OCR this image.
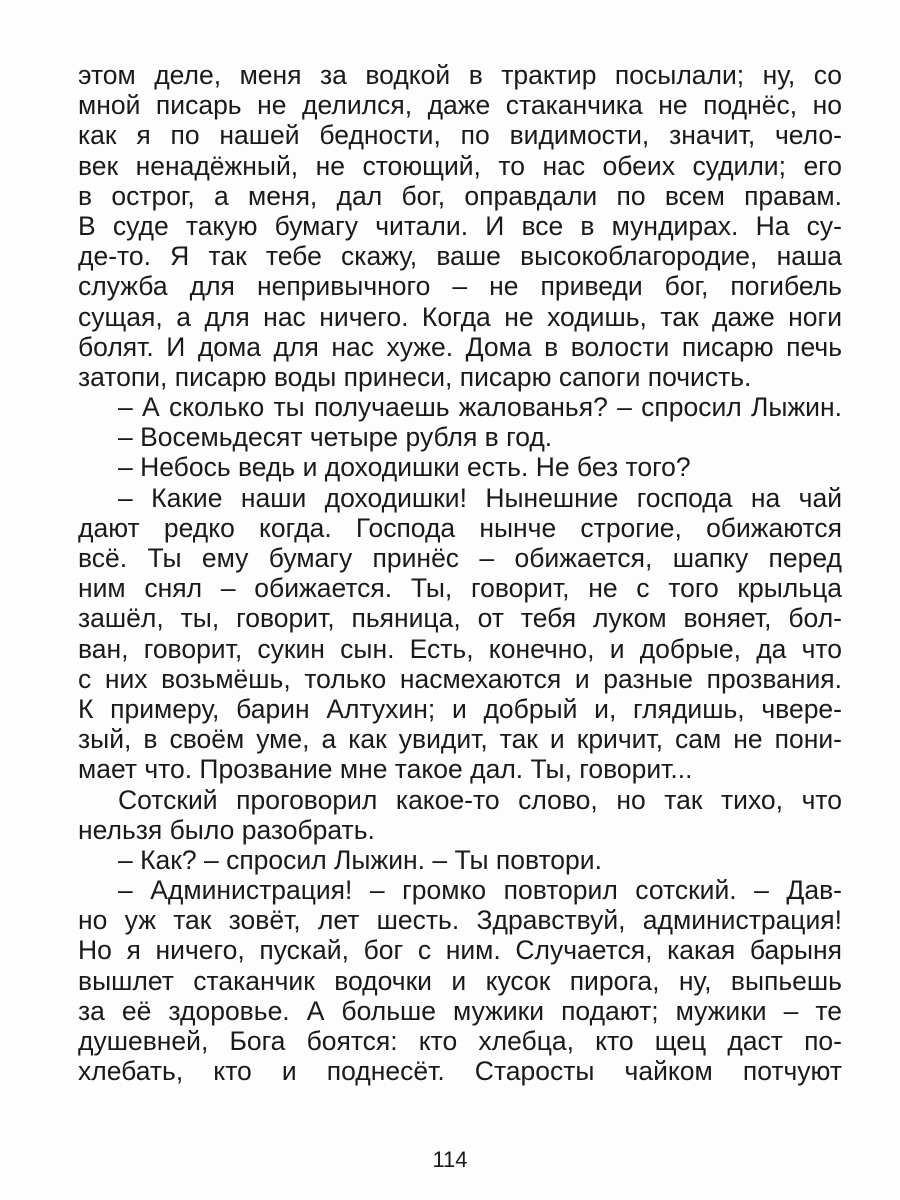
этом деле, меня за водкой в трактир посылали; ну, со
мной писарь не делился, даже стаканчика не поднёс, но
как я по нашей бедности, по видимости, значит, чело-
век ненадёжный, не стоющий, то нас обеих судили; его
в острог, а меня, дал бог, оправдали по всем правам.
В суде такую бумагу читали. И все в мундирах. На су-
де-то. Я так тебе скажу, ваше высокоблагородие, наша
служба для непривычного – не приведи бог, погибель
сущая, а для нас ничего. Когда не ходишь, так даже ноги
болят. И дома для нас хуже. Дома в волости писарю печь
затопи, писарю воды принеси, писарю сапоги почисть.
– А сколько ты получаешь жалованья? – спросил Лыжин.
– Восемьдесят четыре рубля в год.
– Небось ведь и доходишки есть. Не без того?
– Какие наши доходишки! Нынешние господа на чай
дают редко когда. Господа нынче строгие, обижаются
всё. Ты ему бумагу принёс – обижается, шапку перед
ним снял – обижается. Ты, говорит, не с того крыльца
зашёл, ты, говорит, пьяница, от тебя луком воняет, бол-
ван, говорит, сукин сын. Есть, конечно, и добрые, да что
с них возьмёшь, только насмехаются и разные прозвания.
К примеру, барин Алтухин; и добрый и, глядишь, чвере-
зый, в своём уме, а как увидит, так и кричит, сам не пони-
мает что. Прозвание мне такое дал. Ты, говорит...
Сотский проговорил какое-то слово, но так тихо, что
нельзя было разобрать.
– Как? – спросил Лыжин. – Ты повтори.
– Администрация! – громко повторил сотский. – Дав-
но уж так зовёт, лет шесть. Здравствуй, администрация!
Но я ничего, пускай, бог с ним. Случается, какая барыня
вышлет стаканчик водочки и кусок пирога, ну, выпьешь
за её здоровье. А больше мужики подают; мужики – те
душевней, Бога боятся: кто хлебца, кто щец даст по-
хлебать, кто и поднесёт. Старосты чайком потчуют
114
